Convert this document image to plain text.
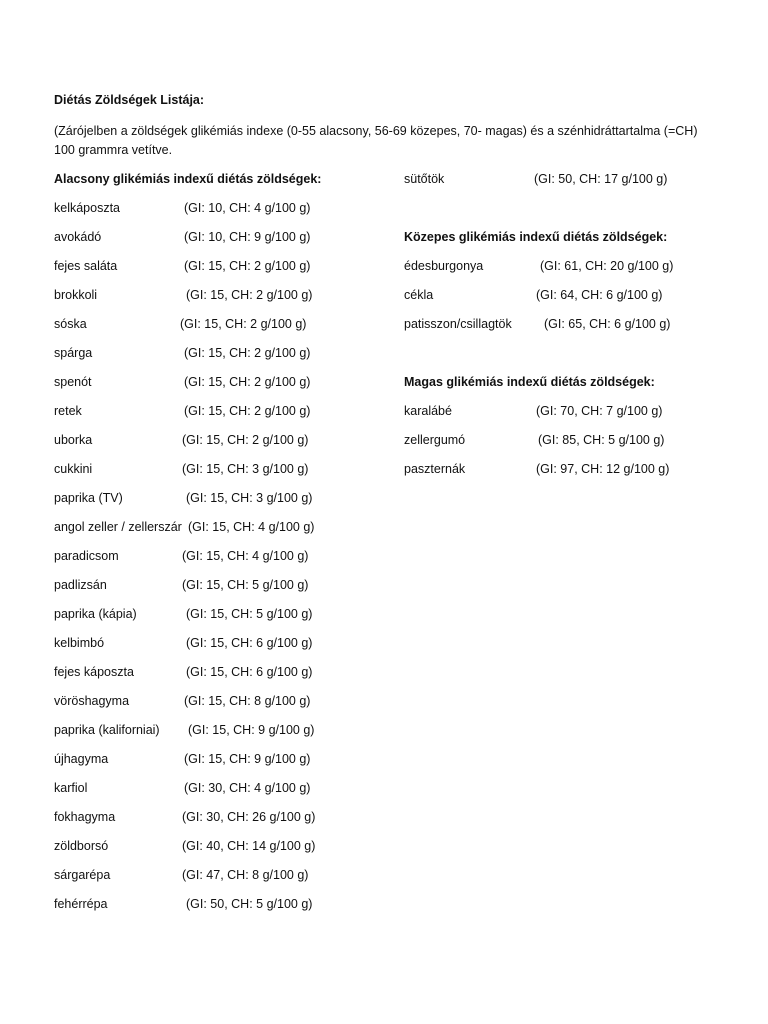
Diétás Zöldségek Listája:
(Zárójelben a zöldségek glikémiás indexe (0-55 alacsony, 56-69 közepes, 70- magas) és a szénhidráttartalma (=CH) 100 grammra vetítve.
Alacsony glikémiás indexű diétás zöldségek:
kelkáposzta	(GI: 10, CH: 4 g/100 g)
avokádó	(GI: 10, CH: 9 g/100 g)
fejes saláta	(GI: 15, CH: 2 g/100 g)
brokkoli	(GI: 15, CH: 2 g/100 g)
sóska	(GI: 15, CH: 2 g/100 g)
spárga	(GI: 15, CH: 2 g/100 g)
spenót	(GI: 15, CH: 2 g/100 g)
retek	(GI: 15, CH: 2 g/100 g)
uborka	(GI: 15, CH: 2 g/100 g)
cukkini	(GI: 15, CH: 3 g/100 g)
paprika (TV)	(GI: 15, CH: 3 g/100 g)
angol zeller / zellerszár (GI: 15, CH: 4 g/100 g)
paradicsom	(GI: 15, CH: 4 g/100 g)
padlizsán	(GI: 15, CH: 5 g/100 g)
paprika (kápia)	(GI: 15, CH: 5 g/100 g)
kelbimbó	(GI: 15, CH: 6 g/100 g)
fejes káposzta	(GI: 15, CH: 6 g/100 g)
vöröshagyma	(GI: 15, CH: 8 g/100 g)
paprika (kaliforniai) (GI: 15, CH: 9 g/100 g)
újhagyma	(GI: 15, CH: 9 g/100 g)
karfiol	(GI: 30, CH: 4 g/100 g)
fokhagyma	(GI: 30, CH: 26 g/100 g)
zöldborsó	(GI: 40, CH: 14 g/100 g)
sárgarépa	(GI: 47, CH: 8 g/100 g)
fehérrépa	(GI: 50, CH: 5 g/100 g)
sütőtök	(GI: 50, CH: 17 g/100 g)
Közepes glikémiás indexű diétás zöldségek:
édesburgonya	(GI: 61, CH: 20 g/100 g)
cékla	(GI: 64, CH: 6 g/100 g)
patisszon/csillagtök	(GI: 65, CH: 6 g/100 g)
Magas glikémiás indexű diétás zöldségek:
karalábé	(GI: 70, CH: 7 g/100 g)
zellergumó	(GI: 85, CH: 5 g/100 g)
paszternák	(GI: 97, CH: 12 g/100 g)
